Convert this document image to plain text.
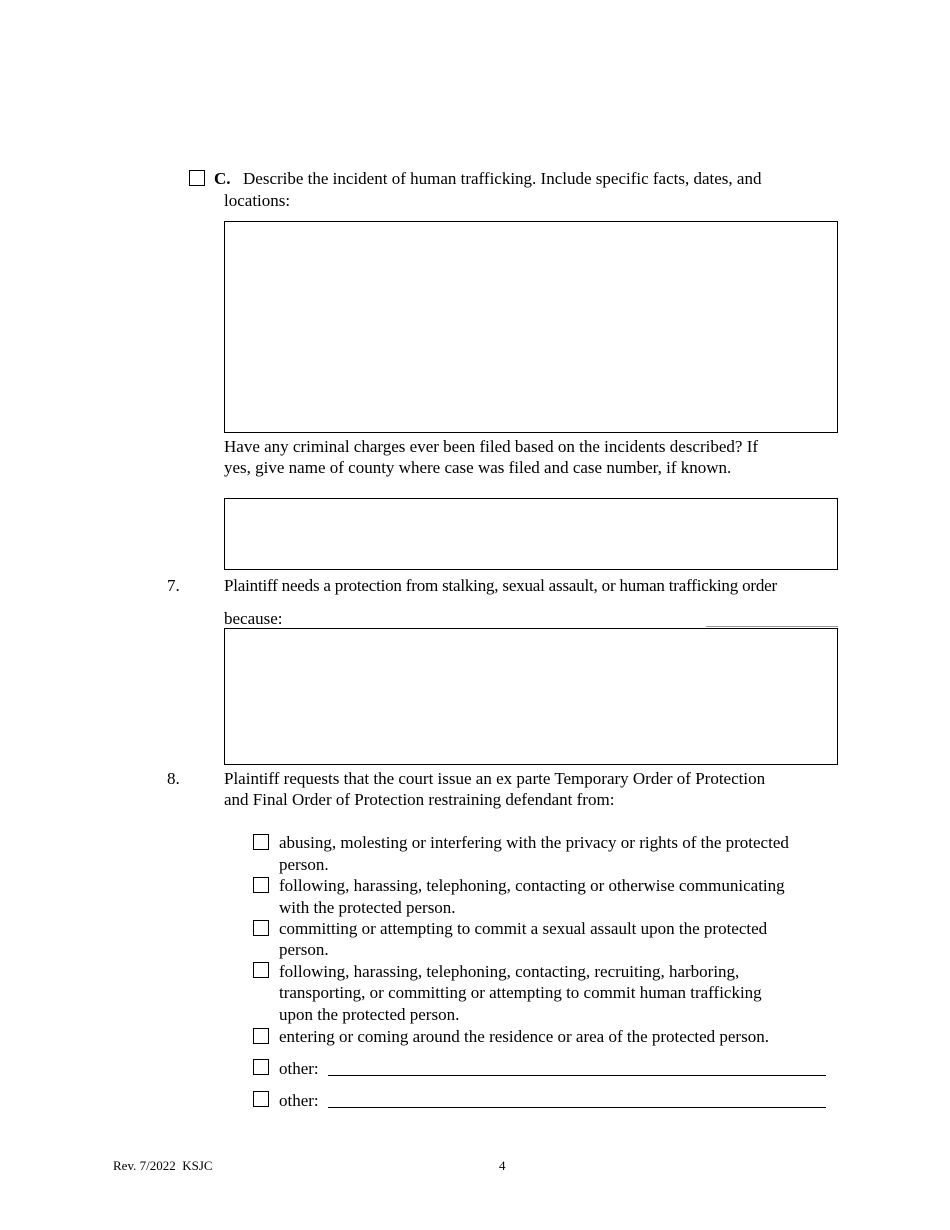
C. Describe the incident of human trafficking. Include specific facts, dates, and
locations:
Have any criminal charges ever been filed based on the incidents described? If
yes, give name of county where case was filed and case number, if known.
7.	Plaintiff needs a protection from stalking, sexual assault, or human trafficking order
because:
8.	Plaintiff requests that the court issue an ex parte Temporary Order of Protection
and Final Order of Protection restraining defendant from:
abusing, molesting or interfering with the privacy or rights of the protected
person.
following, harassing, telephoning, contacting or otherwise communicating
with the protected person.
committing or attempting to commit a sexual assault upon the protected
person.
following, harassing, telephoning, contacting, recruiting, harboring,
transporting, or committing or attempting to commit human trafficking
upon the protected person.
entering or coming around the residence or area of the protected person.
other:
other:
Rev. 7/2022  KSJC	4
